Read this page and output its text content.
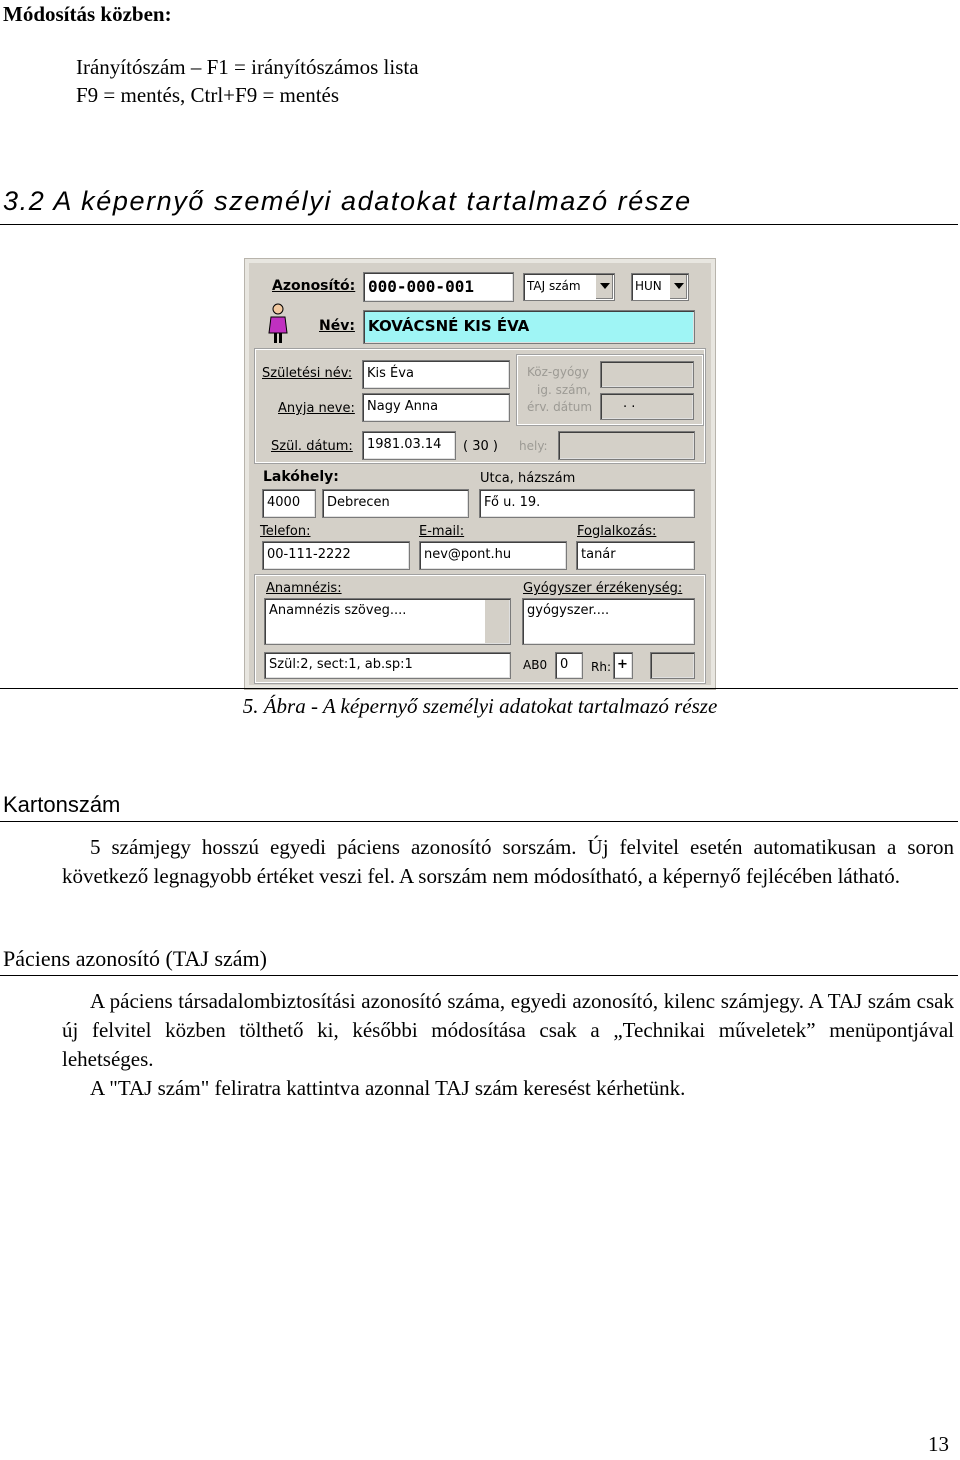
Módosítás közben:
Irányítószám – F1 = irányítószámos lista
F9 = mentés, Ctrl+F9 = mentés
3.2 A képernyő személyi adatokat tartalmazó része
Azonosító: 000-000-001	TAJ szám	HUN
Név: KOVÁCSNÉ KIS ÉVA
Születési név:	Kis Éva
Anyja neve: Nagy Anna
Szül. dátum:	1981.03.14	( 30 ) hely:
Köz-gyógy
ig. szám,
érv. dátum	. .
Lakóhely:
4000	Debrecen
Utca, házszám
Fő u. 19.
Telefon:
00-111-2222
E-mail:
nev@pont.hu
Foglalkozás:
tanár
Anamnézis:
Anamnézis szöveg....
Gyógyszer érzékenység:
gyógyszer....
Szül:2, sect:1, ab.sp:1	AB0 0	Rh: +
5. Ábra - A képernyő személyi adatokat tartalmazó része
Kartonszám
5 számjegy hosszú egyedi páciens azonosító sorszám. Új felvitel esetén automatikusan a soron következő legnagyobb értéket veszi fel. A sorszám nem módosítható, a képernyő fejlécében látható.
Páciens azonosító (TAJ szám)
A páciens társadalombiztosítási azonosító száma, egyedi azonosító, kilenc számjegy. A TAJ szám csak új felvitel közben tölthető ki, későbbi módosítása csak a „Technikai műveletek” menüpontjával lehetséges.
A "TAJ szám" feliratra kattintva azonnal TAJ szám keresést kérhetünk.
13
